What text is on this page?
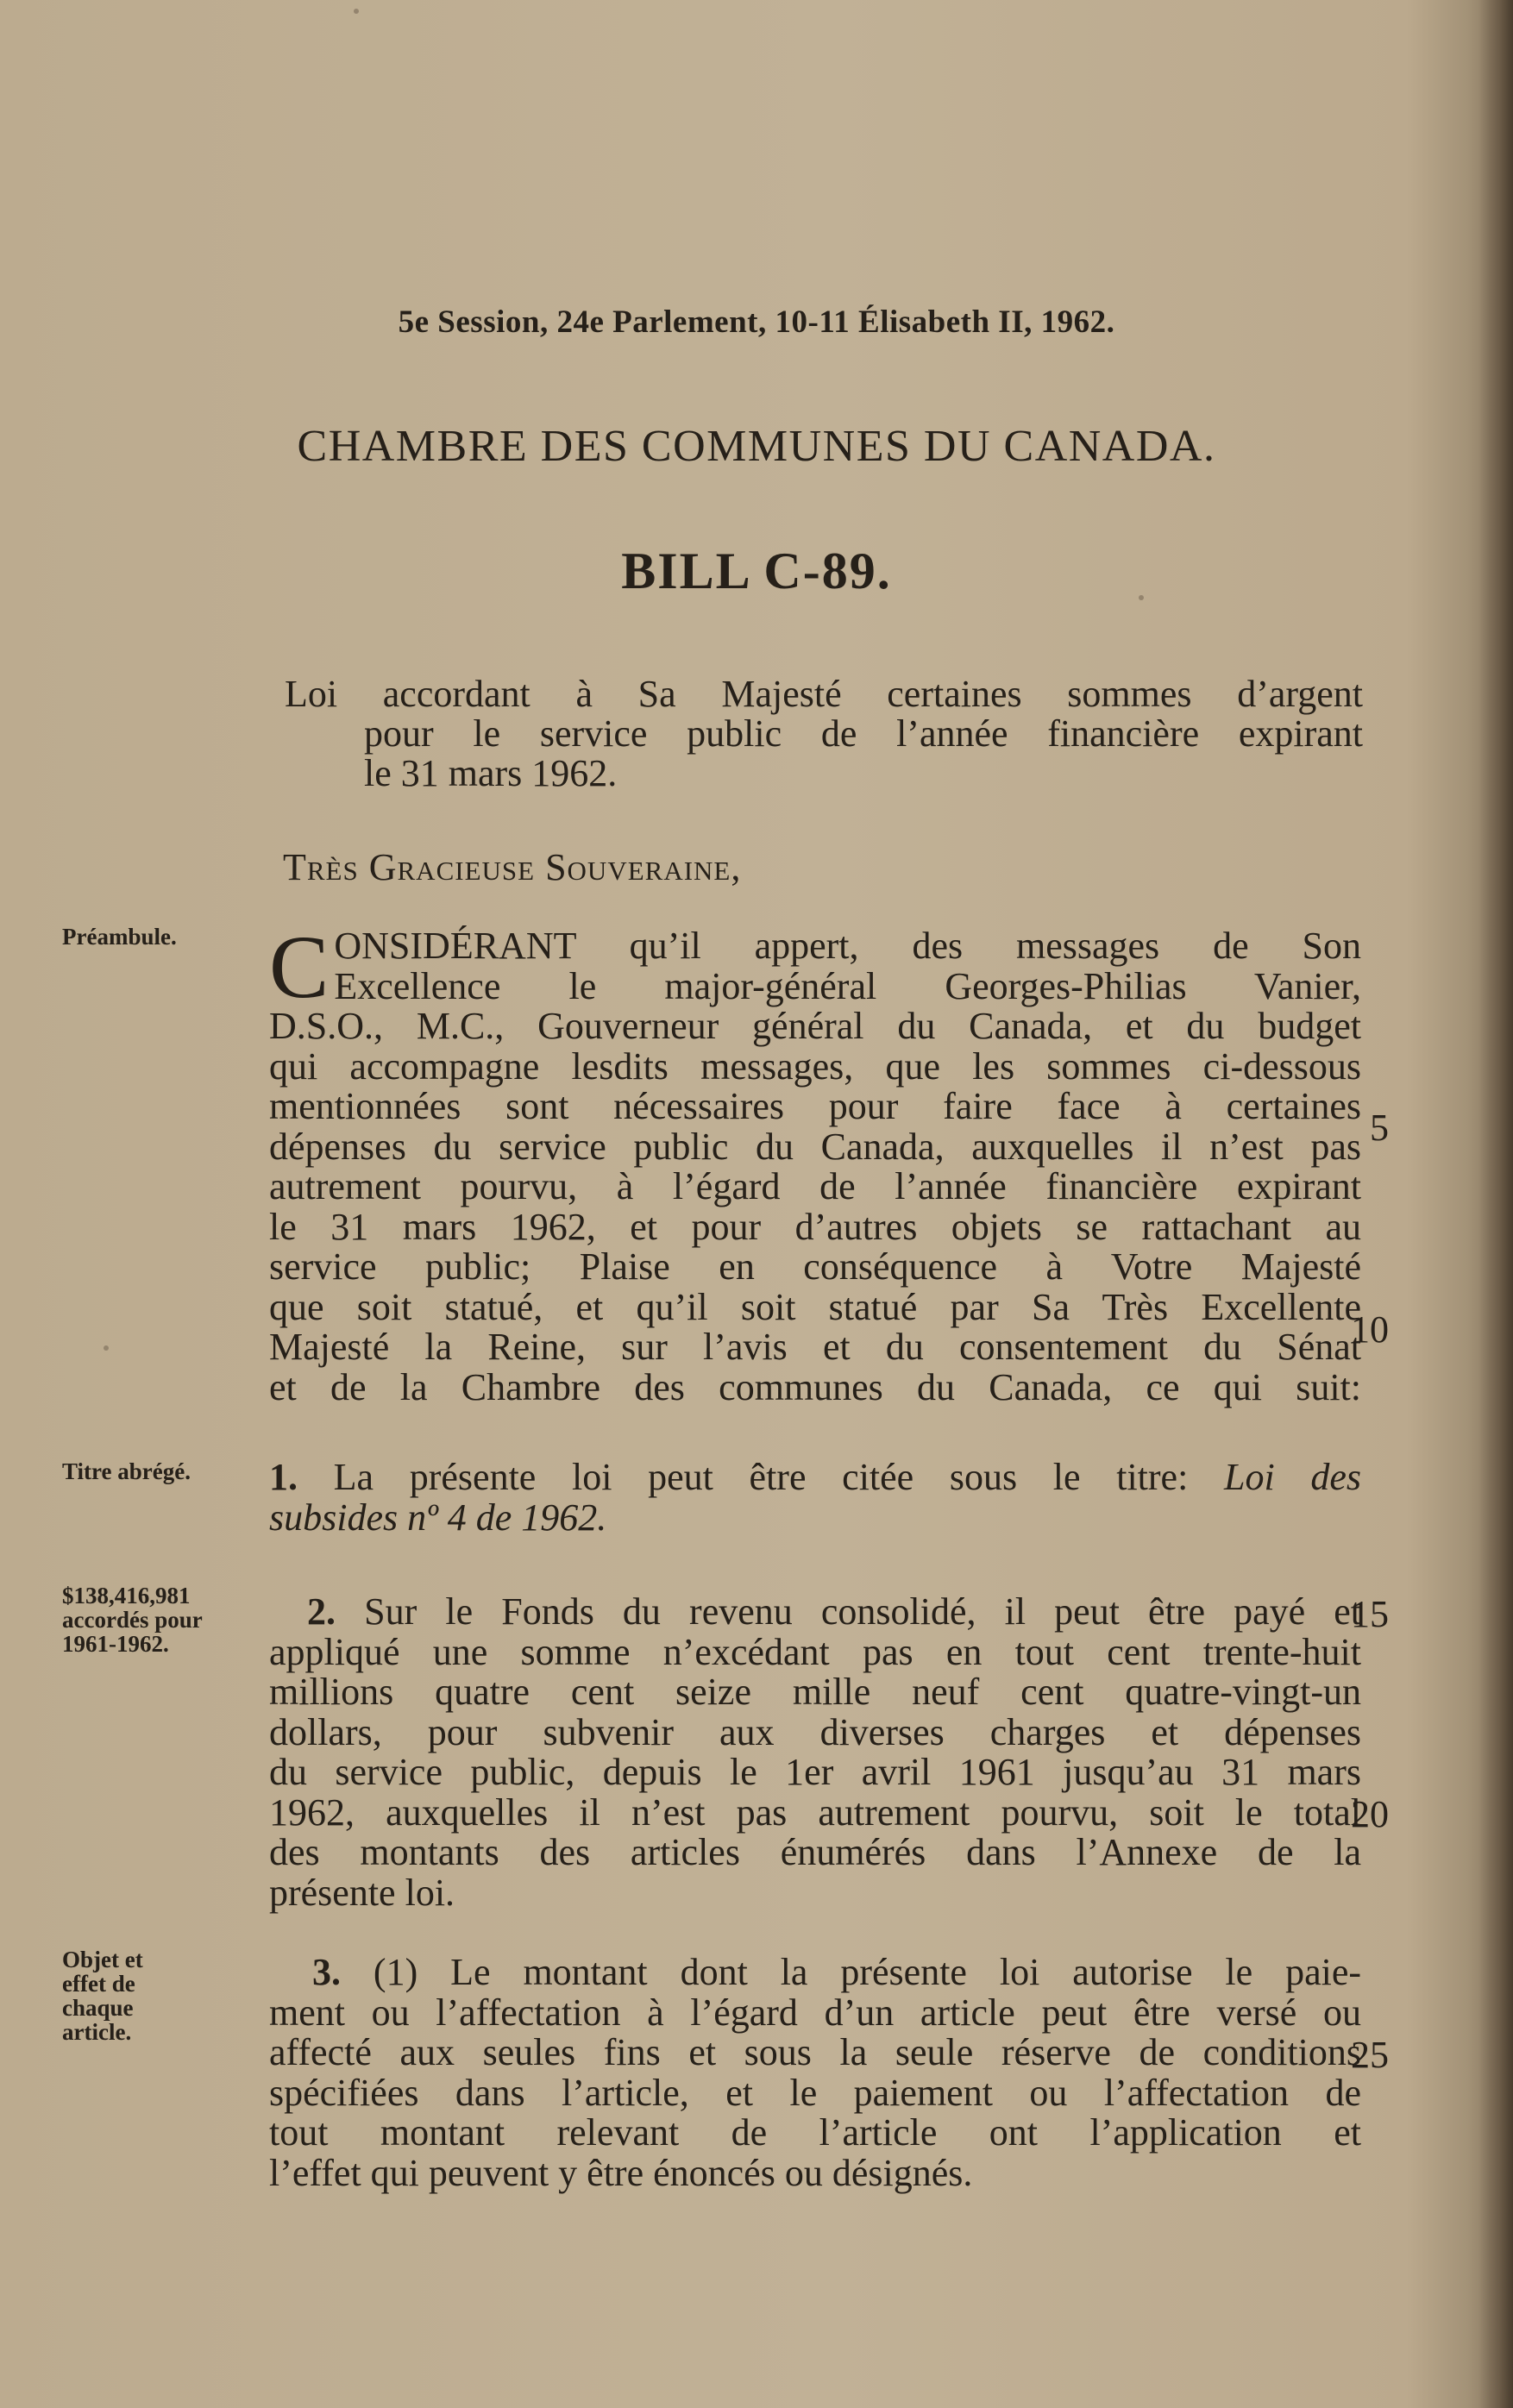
5e Session, 24e Parlement, 10-11 Élisabeth II, 1962.
CHAMBRE DES COMMUNES DU CANADA.
BILL C-89.
Loi accordant à Sa Majesté certaines sommes d’argent
pour le service public de l’année financière expirant
le 31 mars 1962.
Très Gracieuse Souveraine,
Préambule.	C ONSIDÉRANT qu’il appert, des messages de Son
Excellence le major-général Georges-Philias Vanier,
D.S.O., M.C., Gouverneur général du Canada, et du budget
qui accompagne lesdits messages, que les sommes ci-dessous
mentionnées sont nécessaires pour faire face à certaines
dépenses du service public du Canada, auxquelles il n’est pas
autrement pourvu, à l’égard de l’année financière expirant
le 31 mars 1962, et pour d’autres objets se rattachant au
service public; Plaise en conséquence à Votre Majesté
que soit statué, et qu’il soit statué par Sa Très Excellente
Majesté la Reine, sur l’avis et du consentement du Sénat
et de la Chambre des communes du Canada, ce qui suit:
Titre abrégé.	1. La présente loi peut être citée sous le titre: Loi des
subsides nº 4 de 1962.
$138,416,981
accordés pour
1961-1962.
2. Sur le Fonds du revenu consolidé, il peut être payé et
appliqué une somme n’excédant pas en tout cent trente-huit
millions quatre cent seize mille neuf cent quatre-vingt-un
dollars, pour subvenir aux diverses charges et dépenses
du service public, depuis le 1er avril 1961 jusqu’au 31 mars
1962, auxquelles il n’est pas autrement pourvu, soit le total
des montants des articles énumérés dans l’Annexe de la
présente loi.
Objet et
effet de
chaque
article.
3. (1) Le montant dont la présente loi autorise le paie-
ment ou l’affectation à l’égard d’un article peut être versé ou
affecté aux seules fins et sous la seule réserve de conditions
spécifiées dans l’article, et le paiement ou l’affectation de
tout montant relevant de l’article ont l’application et
l’effet qui peuvent y être énoncés ou désignés.
5
10
15
20
25
